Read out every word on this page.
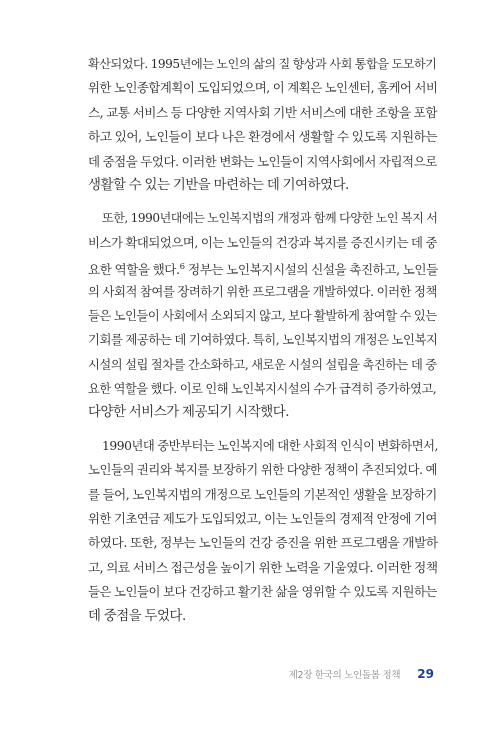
확산되었다. 1995년에는 노인의 삶의 질 향상과 사회 통합을 도모하기
위한 노인종합계획이 도입되었으며, 이 계획은 노인센터, 홈케어 서비
스, 교통 서비스 등 다양한 지역사회 기반 서비스에 대한 조항을 포함
하고 있어, 노인들이 보다 나은 환경에서 생활할 수 있도록 지원하는
데 중점을 두었다. 이러한 변화는 노인들이 지역사회에서 자립적으로
생활할 수 있는 기반을 마련하는 데 기여하였다.

또한, 1990년대에는 노인복지법의 개정과 함께 다양한 노인 복지 서
비스가 확대되었으며, 이는 노인들의 건강과 복지를 증진시키는 데 중
요한 역할을 했다.$^6$ 정부는 노인복지시설의 신설을 촉진하고, 노인들
의 사회적 참여를 장려하기 위한 프로그램을 개발하였다. 이러한 정책
들은 노인들이 사회에서 소외되지 않고, 보다 활발하게 참여할 수 있는
기회를 제공하는 데 기여하였다. 특히, 노인복지법의 개정은 노인복지
시설의 설립 절차를 간소화하고, 새로운 시설의 설립을 촉진하는 데 중
요한 역할을 했다. 이로 인해 노인복지시설의 수가 급격히 증가하였고,
다양한 서비스가 제공되기 시작했다.

1990년대 중반부터는 노인복지에 대한 사회적 인식이 변화하면서,
노인들의 권리와 복지를 보장하기 위한 다양한 정책이 추진되었다. 예
를 들어, 노인복지법의 개정으로 노인들의 기본적인 생활을 보장하기
위한 기초연금 제도가 도입되었고, 이는 노인들의 경제적 안정에 기여
하였다. 또한, 정부는 노인들의 건강 증진을 위한 프로그램을 개발하
고, 의료 서비스 접근성을 높이기 위한 노력을 기울였다. 이러한 정책
들은 노인들이 보다 건강하고 활기찬 삶을 영위할 수 있도록 지원하는
데 중점을 두었다.

제2장 한국의 노인돌봄 정책 29
